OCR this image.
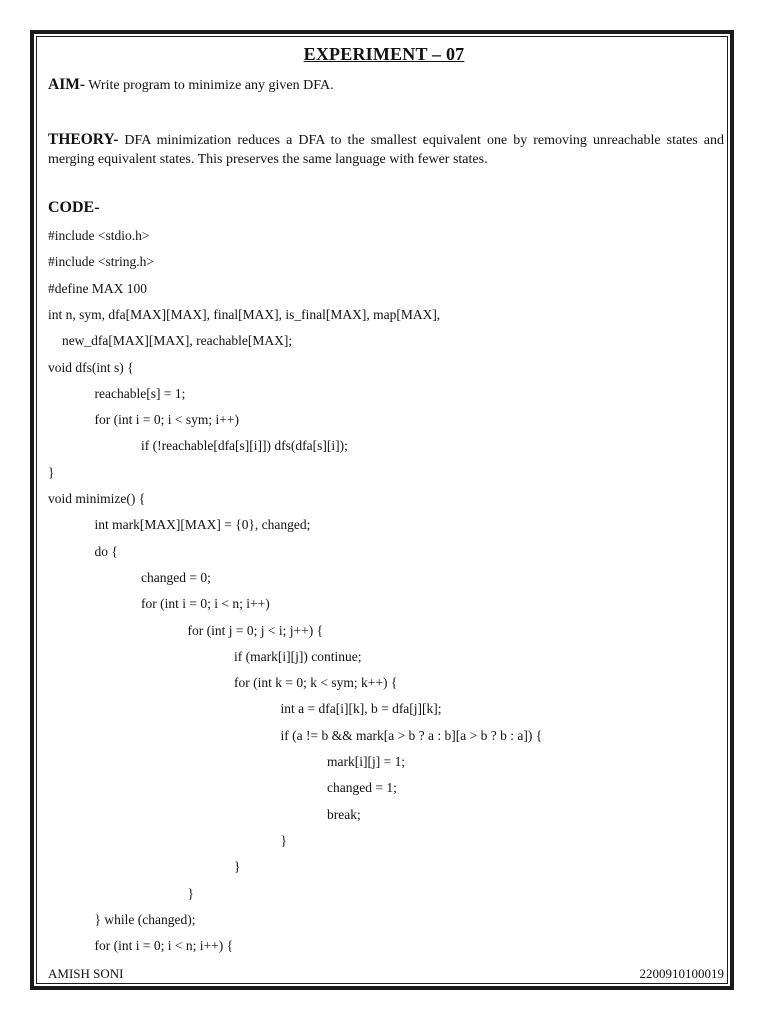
EXPERIMENT – 07
AIM- Write program to minimize any given DFA.
THEORY- DFA minimization reduces a DFA to the smallest equivalent one by removing unreachable states and merging equivalent states. This preserves the same language with fewer states.
CODE-
#include <stdio.h>
#include <string.h>
#define MAX 100
int n, sym, dfa[MAX][MAX], final[MAX], is_final[MAX], map[MAX],
new_dfa[MAX][MAX], reachable[MAX];
void dfs(int s) {
reachable[s] = 1;
for (int i = 0; i < sym; i++)
if (!reachable[dfa[s][i]]) dfs(dfa[s][i]);
}
void minimize() {
int mark[MAX][MAX] = {0}, changed;
do {
changed = 0;
for (int i = 0; i < n; i++)
for (int j = 0; j < i; j++) {
if (mark[i][j]) continue;
for (int k = 0; k < sym; k++) {
int a = dfa[i][k], b = dfa[j][k];
if (a != b && mark[a > b ? a : b][a > b ? b : a]) {
mark[i][j] = 1;
changed = 1;
break;
}
}
}
} while (changed);
for (int i = 0; i < n; i++) {
AMISH SONI	2200910100019
